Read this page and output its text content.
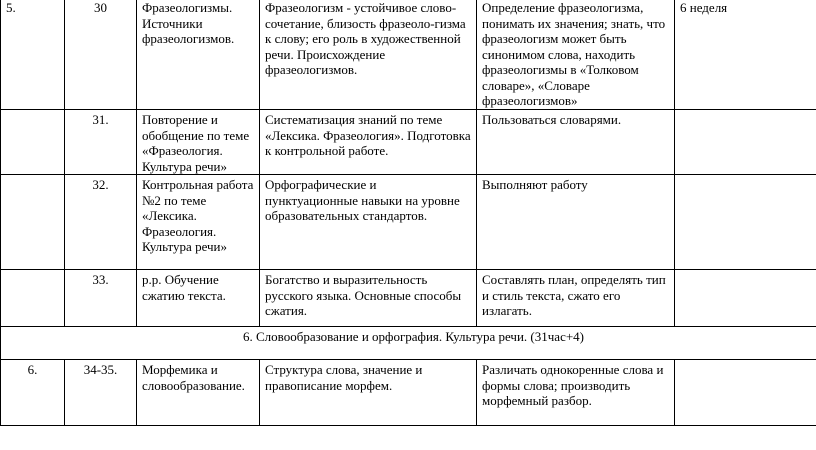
5.	30	Фразеологизмы. Источники фразеологизмов.	Фразеологизм - устойчивое слово-сочетание, близость фразеоло-гизма к слову; его роль в художественной речи. Происхождение фразеологизмов.	Определение фразеологизма, понимать их значения; знать, что фразеологизм может быть синонимом слова, находить фразеологизмы в «Толковом словаре», «Словаре фразеологизмов»	6 неделя
	31.	Повторение и обобщение по теме «Фразеология. Культура речи»	Систематизация знаний по теме «Лексика. Фразеология». Подготовка к контрольной работе.	Пользоваться словарями.	
	32.	Контрольная работа №2 по теме «Лексика. Фразеология. Культура речи»	Орфографические и пунктуационные навыки на уровне образовательных стандартов.	Выполняют работу	
	33.	р.р. Обучение сжатию текста.	Богатство и выразительность русского языка. Основные способы сжатия.	Составлять план, определять тип и стиль текста, сжато его излагать.	
6. Словообразование и орфография. Культура речи. (31час+4)					
6.	34-35.	Морфемика и словообразование.	Структура слова, значение и правописание морфем.	Различать однокоренные слова и формы слова; производить морфемный разбор.	
